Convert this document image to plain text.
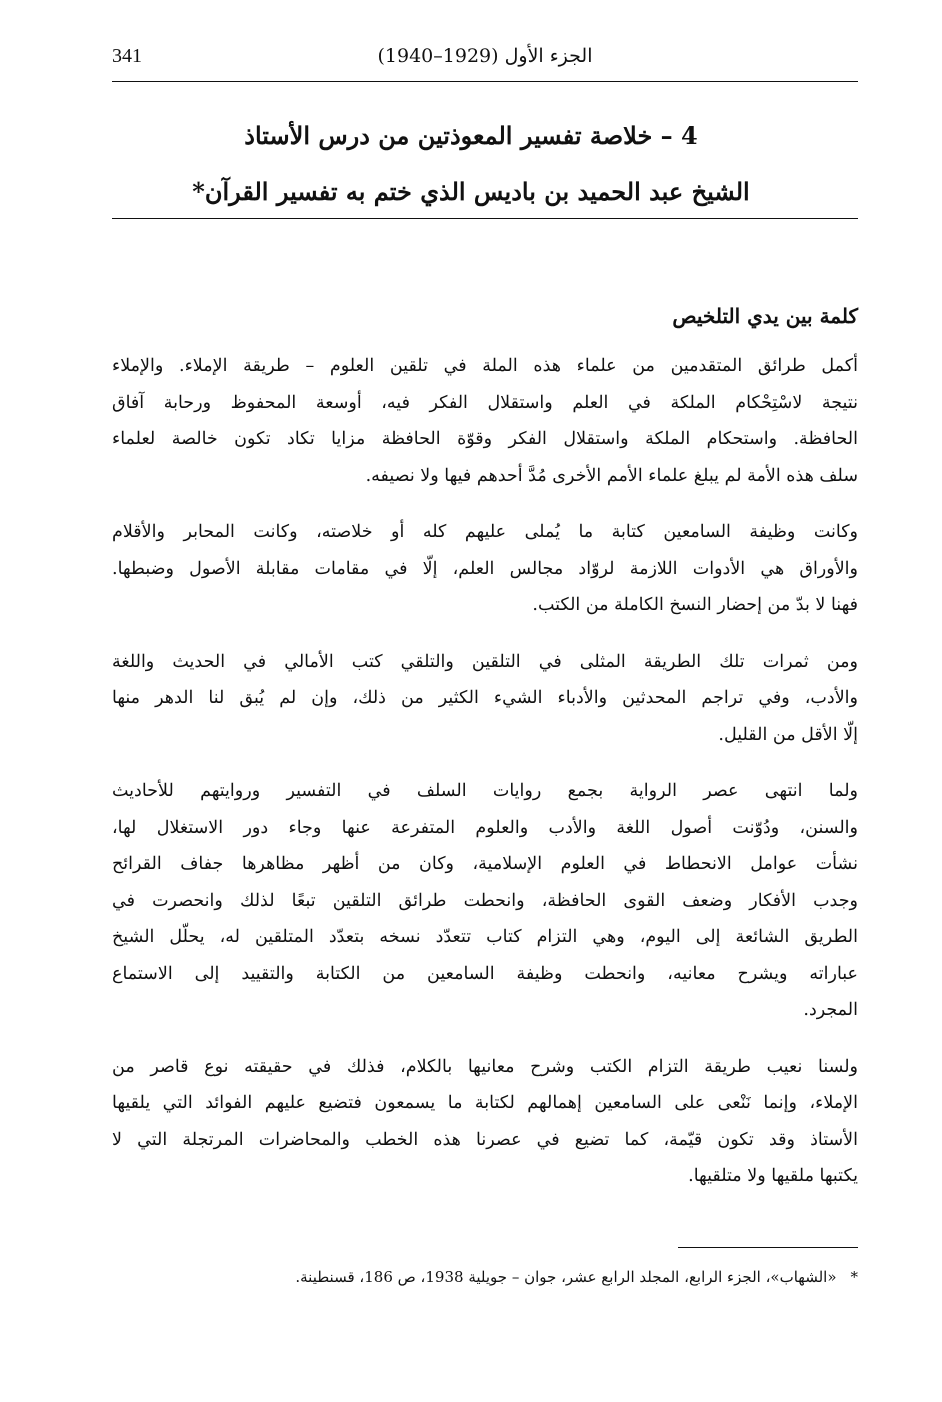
341	الجزء الأول (1929–1940)
4 – خلاصة تفسير المعوذتين من درس الأستاذ
الشيخ عبد الحميد بن باديس الذي ختم به تفسير القرآن*
كلمة بين يدي التلخيص

أكمل طرائق المتقدمين من علماء هذه الملة في تلقين العلوم – طريقة الإملاء. والإملاء
نتيجة لاسْتِحْكام الملكة في العلم واستقلال الفكر فيه، أوسعة المحفوظ ورحابة آفاق
الحافظة. واستحكام الملكة واستقلال الفكر وقوّة الحافظة مزايا تكاد تكون خالصة لعلماء
سلف هذه الأمة لم يبلغ علماء الأمم الأخرى مُدَّ أحدهم فيها ولا نصيفه.

وكانت وظيفة السامعين كتابة ما يُملى عليهم كله أو خلاصته، وكانت المحابر والأقلام
والأوراق هي الأدوات اللازمة لروّاد مجالس العلم، إلّا في مقامات مقابلة الأصول وضبطها.
فهنا لا بدّ من إحضار النسخ الكاملة من الكتب.

ومن ثمرات تلك الطريقة المثلى في التلقين والتلقي كتب الأمالي في الحديث واللغة
والأدب، وفي تراجم المحدثين والأدباء الشيء الكثير من ذلك، وإن لم يُبق لنا الدهر منها
إلّا الأقل من القليل.

ولما انتهى عصر الرواية بجمع روايات السلف في التفسير وروايتهم للأحاديث
والسنن، ودُوّنت أصول اللغة والأدب والعلوم المتفرعة عنها وجاء دور الاستغلال لها،
نشأت عوامل الانحطاط في العلوم الإسلامية، وكان من أظهر مظاهرها جفاف القرائح
وجدب الأفكار وضعف القوى الحافظة، وانحطت طرائق التلقين تبعًا لذلك وانحصرت في
الطريق الشائعة إلى اليوم، وهي التزام كتاب تتعدّد نسخه بتعدّد المتلقين له، يحلّل الشيخ
عباراته ويشرح معانيه، وانحطت وظيفة السامعين من الكتابة والتقييد إلى الاستماع
المجرد.

ولسنا نعيب طريقة التزام الكتب وشرح معانيها بالكلام، فذلك في حقيقته نوع قاصر من
الإملاء، وإنما نَنْعى على السامعين إهمالهم لكتابة ما يسمعون فتضيع عليهم الفوائد التي يلقيها
الأستاذ وقد تكون قيّمة، كما تضيع في عصرنا هذه الخطب والمحاضرات المرتجلة التي لا
يكتبها ملقيها ولا متلقيها.

*«الشهاب»، الجزء الرابع، المجلد الرابع عشر، جوان – جويلية 1938، ص 186، قسنطينة.
